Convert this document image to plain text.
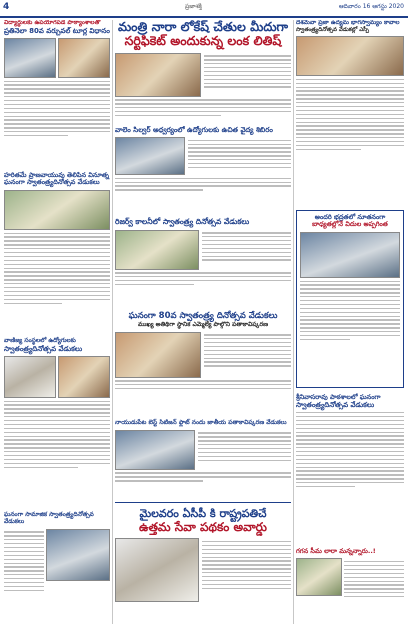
4	ప్రజాశక్తి	ఆదివారం 16 ఆగస్టు 2020
విద్యార్థులకు ఉపయోగపడే పాఠ్యాంశాలతో
ప్రతినెలా 80వ వర్చువల్ టూర్ల విధానం
హరితమే ప్రాణవాయువు తెలిపిన వినూత్న
ఘనంగా స్వాతంత్ర్యదినోత్సవ వేడుకలు
వాణిజ్య సంస్థలలో ఉద్యోగులకు
స్వాతంత్ర్యదినోత్సవ వేడుకలు
ఘనంగా సామాజిక స్వాతంత్ర్యదినోత్సవ వేడుకలు
మంత్రి నారా లోకేష్ చేతుల మీదుగా
సర్టిఫికెట్ అందుకున్న లంక లితిష్
వాలెం సిల్వర్ అధ్వర్యంలో ఉద్యోగులకు ఉచిత వైద్య శిబిరం
రిజర్వ్ కాలనీలో స్వాతంత్ర్య దినోత్సవ వేడుకలు
ఘనంగా 80వ స్వాతంత్ర్య దినోత్సవ వేడుకలు
ముఖ్య అతిథిగా స్థానిక ఎమ్మెల్యే పాల్గొని పతాకావిష్కరణ
నాయుడుపేట బెస్ట్ సిటిజన్ ఫ్లాట్ నందు జాతీయ పతాకావిష్కరణ వేడుకలు
మైలవరం ఏసీపీ కి రాష్ట్రపతిచే
ఉత్తమ సేవా పథకం అవార్డు
దేశమేవా ప్రజా ఉద్యమ భాగస్వామ్యం కావాల
స్వాతంత్ర్యదినోత్సవ వేడుకల్లో ఎస్పీ
అందరి భద్రతలో నూతనంగా
బాధ్యతల్లోనే విదుల అప్పగింత
శ్రీనివాసరావు పాఠశాలలో ఘనంగా
స్వాతంత్ర్యదినోత్సవ వేడుకలు
గగన సీమ లారా మన్నన్నారు..!
